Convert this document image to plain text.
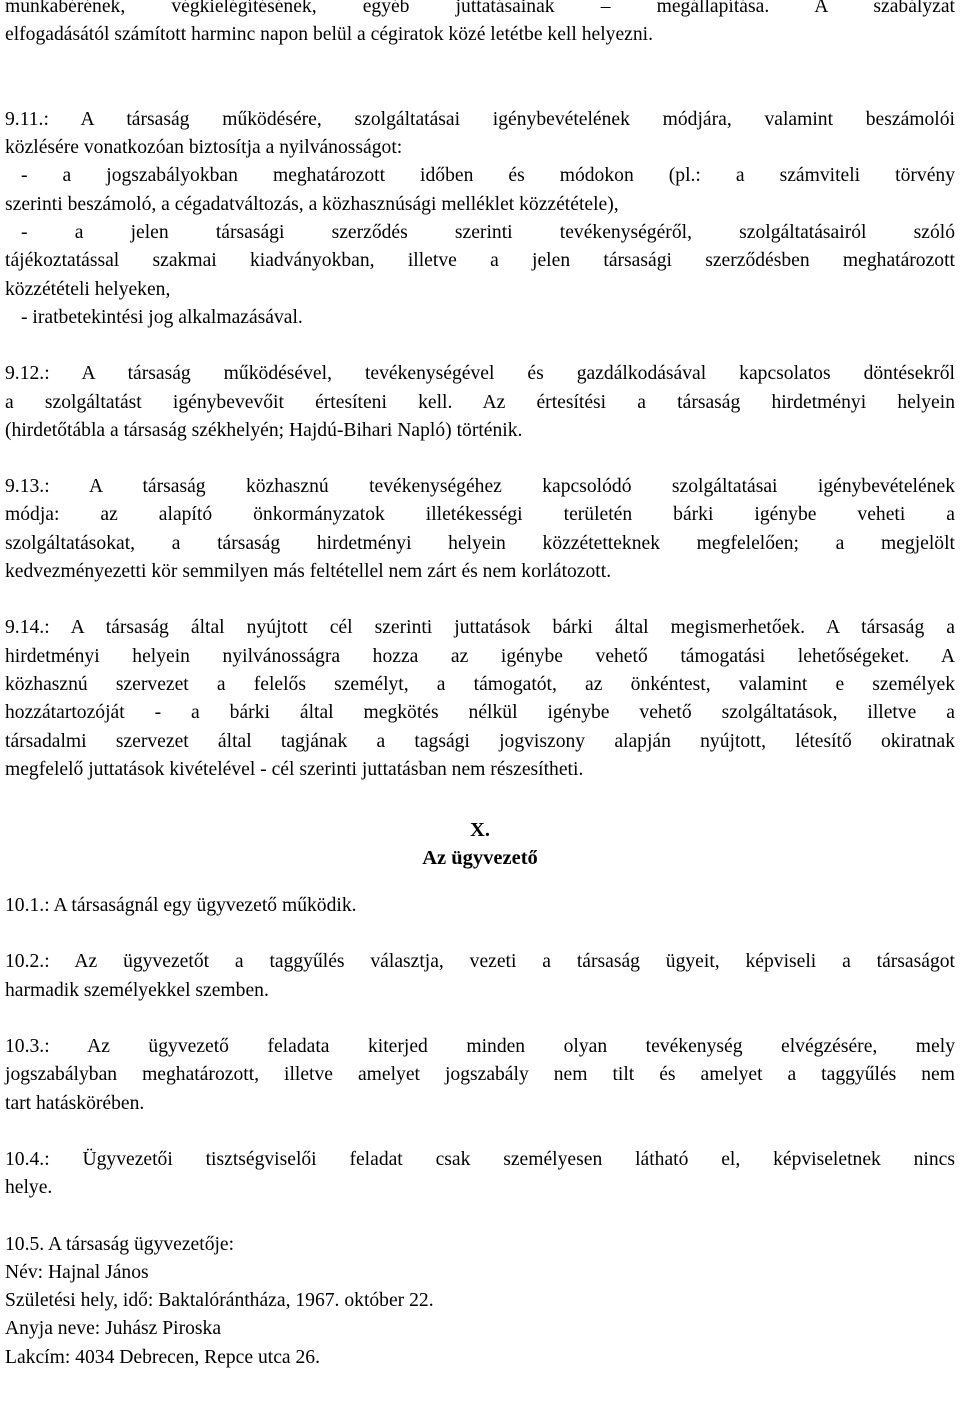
munkabérének, végkielégítésének, egyéb juttatásainak – megállapítása. A szabályzat
elfogadásától számított harminc napon belül a cégiratok közé letétbe kell helyezni.
9.11.: A társaság működésére, szolgáltatásai igénybevételének módjára, valamint beszámolói
közlésére vonatkozóan biztosítja a nyilvánosságot:
- a jogszabályokban meghatározott időben és módokon (pl.: a számviteli törvény
szerinti beszámoló, a cégadatváltozás, a közhasznúsági melléklet közzététele),
- a jelen társasági szerződés szerinti tevékenységéről, szolgáltatásairól szóló
tájékoztatással szakmai kiadványokban, illetve a jelen társasági szerződésben meghatározott
közzétételi helyeken,
- iratbetekintési jog alkalmazásával.
9.12.: A társaság működésével, tevékenységével és gazdálkodásával kapcsolatos döntésekről
a szolgáltatást igénybevevőit értesíteni kell. Az értesítési a társaság hirdetményi helyein
(hirdetőtábla a társaság székhelyén; Hajdú-Bihari Napló) történik.
9.13.: A társaság közhasznú tevékenységéhez kapcsolódó szolgáltatásai igénybevételének
módja: az alapító önkormányzatok illetékességi területén bárki igénybe veheti a
szolgáltatásokat, a társaság hirdetményi helyein közzétetteknek megfelelően; a megjelölt
kedvezményezetti kör semmilyen más feltétellel nem zárt és nem korlátozott.
9.14.: A társaság által nyújtott cél szerinti juttatások bárki által megismerhetőek. A társaság a
hirdetményi helyein nyilvánosságra hozza az igénybe vehető támogatási lehetőségeket. A
közhasznú szervezet a felelős személyt, a támogatót, az önkéntest, valamint e személyek
hozzátartozóját - a bárki által megkötés nélkül igénybe vehető szolgáltatások, illetve a
társadalmi szervezet által tagjának a tagsági jogviszony alapján nyújtott, létesítő okiratnak
megfelelő juttatások kivételével - cél szerinti juttatásban nem részesítheti.
X.
Az ügyvezető
10.1.: A társaságnál egy ügyvezető működik.
10.2.: Az ügyvezetőt a taggyűlés választja, vezeti a társaság ügyeit, képviseli a társaságot
harmadik személyekkel szemben.
10.3.: Az ügyvezető feladata kiterjed minden olyan tevékenység elvégzésére, mely
jogszabályban meghatározott, illetve amelyet jogszabály nem tilt és amelyet a taggyűlés nem
tart hatáskörében.
10.4.: Ügyvezetői tisztségviselői feladat csak személyesen látható el, képviseletnek nincs
helye.
10.5. A társaság ügyvezetője:
Név: Hajnal János
Születési hely, idő: Baktalórántháza, 1967. október 22.
Anyja neve: Juhász Piroska
Lakcím: 4034 Debrecen, Repce utca 26.
